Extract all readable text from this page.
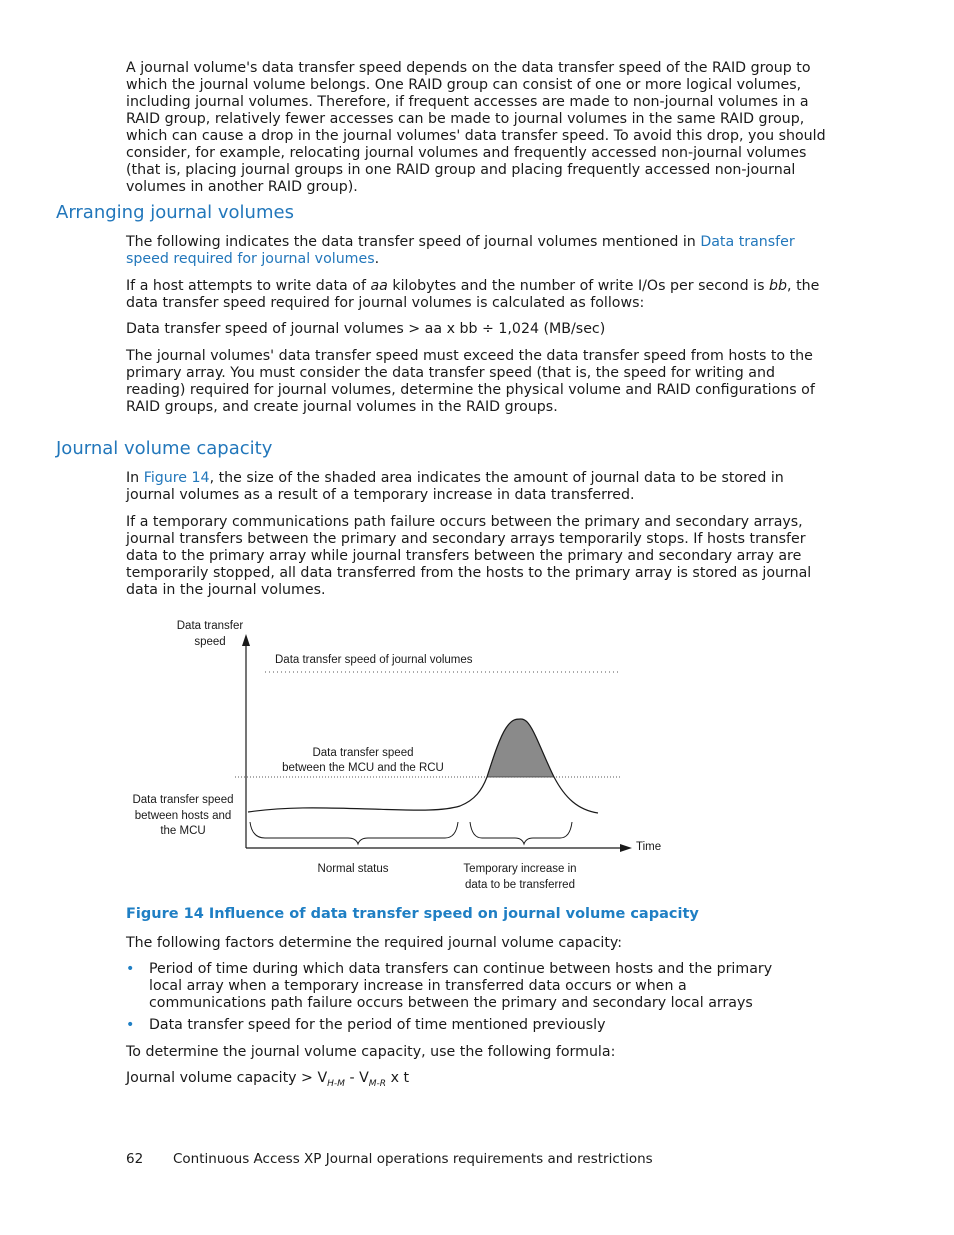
A journal volume's data transfer speed depends on the data transfer speed of the RAID group to which the journal volume belongs. One RAID group can consist of one or more logical volumes, including journal volumes. Therefore, if frequent accesses are made to non-journal volumes in a RAID group, relatively fewer accesses can be made to journal volumes in the same RAID group, which can cause a drop in the journal volumes' data transfer speed. To avoid this drop, you should consider, for example, relocating journal volumes and frequently accessed non-journal volumes (that is, placing journal groups in one RAID group and placing frequently accessed non-journal volumes in another RAID group).
Arranging journal volumes
The following indicates the data transfer speed of journal volumes mentioned in Data transfer speed required for journal volumes.
If a host attempts to write data of aa kilobytes and the number of write I/Os per second is bb, the data transfer speed required for journal volumes is calculated as follows:
Data transfer speed of journal volumes > aa x bb ÷ 1,024 (MB/sec)
The journal volumes' data transfer speed must exceed the data transfer speed from hosts to the primary array. You must consider the data transfer speed (that is, the speed for writing and reading) required for journal volumes, determine the physical volume and RAID configurations of RAID groups, and create journal volumes in the RAID groups.
Journal volume capacity
In Figure 14, the size of the shaded area indicates the amount of journal data to be stored in journal volumes as a result of a temporary increase in data transferred.
If a temporary communications path failure occurs between the primary and secondary arrays, journal transfers between the primary and secondary arrays temporarily stops. If hosts transfer data to the primary array while journal transfers between the primary and secondary array are temporarily stopped, all data transferred from the hosts to the primary array is stored as journal data in the journal volumes.
Data transfer
speed
Data transfer speed of journal volumes
Data transfer speed
between the MCU and the RCU
Data transfer speed
between hosts and
the MCU
Time
Normal status	Temporary increase in
data to be transferred
Figure 14 Influence of data transfer speed on journal volume capacity
The following factors determine the required journal volume capacity:
• Period of time during which data transfers can continue between hosts and the primary local array when a temporary increase in transferred data occurs or when a communications path failure occurs between the primary and secondary local arrays
• Data transfer speed for the period of time mentioned previously
To determine the journal volume capacity, use the following formula:
Journal volume capacity > $V_{H-M} - V_{M-R}$ x t
62 Continuous Access XP Journal operations requirements and restrictions
